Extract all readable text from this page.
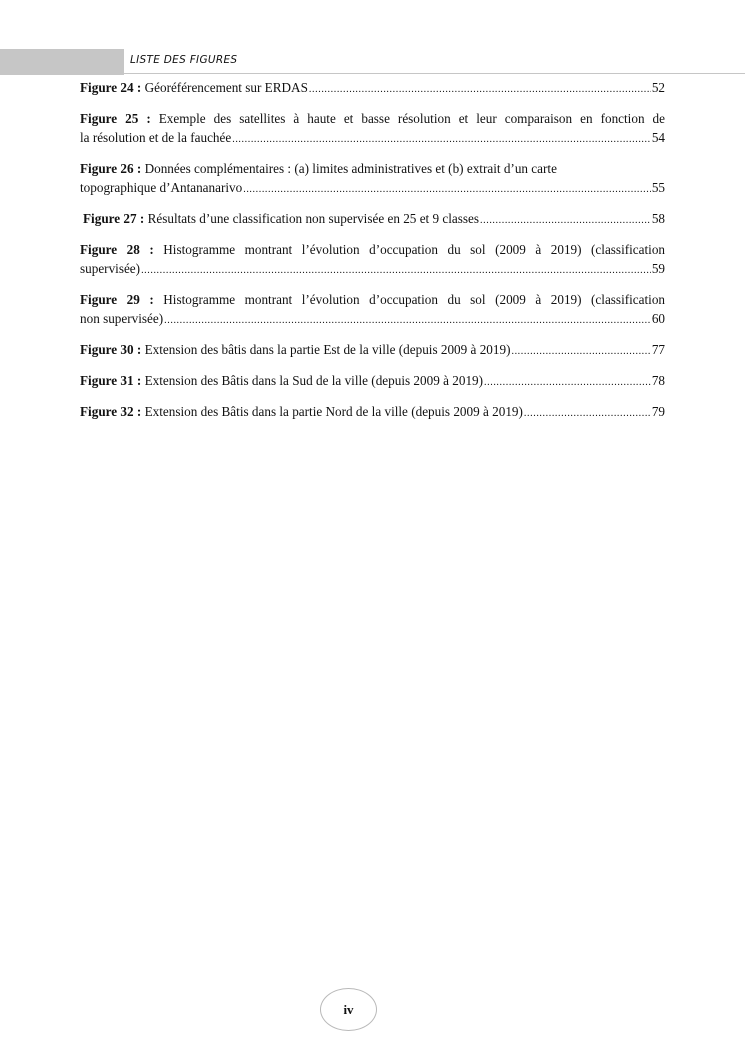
LISTE DES FIGURES
Figure 24 : Géoréférencement sur ERDAS .....	52
Figure 25 : Exemple des satellites à haute et basse résolution et leur comparaison en fonction de
la résolution et de la fauchée .....	54
Figure 26 : Données complémentaires : (a) limites administratives et (b) extrait d’un carte
topographique d’Antananarivo .....	55
Figure 27 : Résultats d’une classification non supervisée en 25 et 9 classes .....	58
Figure 28 : Histogramme montrant l’évolution d’occupation du sol (2009 à 2019) (classification
supervisée) .....	59
Figure 29 : Histogramme montrant l’évolution d’occupation du sol (2009 à 2019) (classification
non supervisée) .....	60
Figure 30 : Extension des bâtis dans la partie Est de la ville (depuis 2009 à 2019) .....	77
Figure 31 : Extension des Bâtis dans la Sud de la ville (depuis 2009 à 2019) .....	78
Figure 32 : Extension des Bâtis dans la partie Nord de la ville (depuis 2009 à 2019) .....	79
iv
